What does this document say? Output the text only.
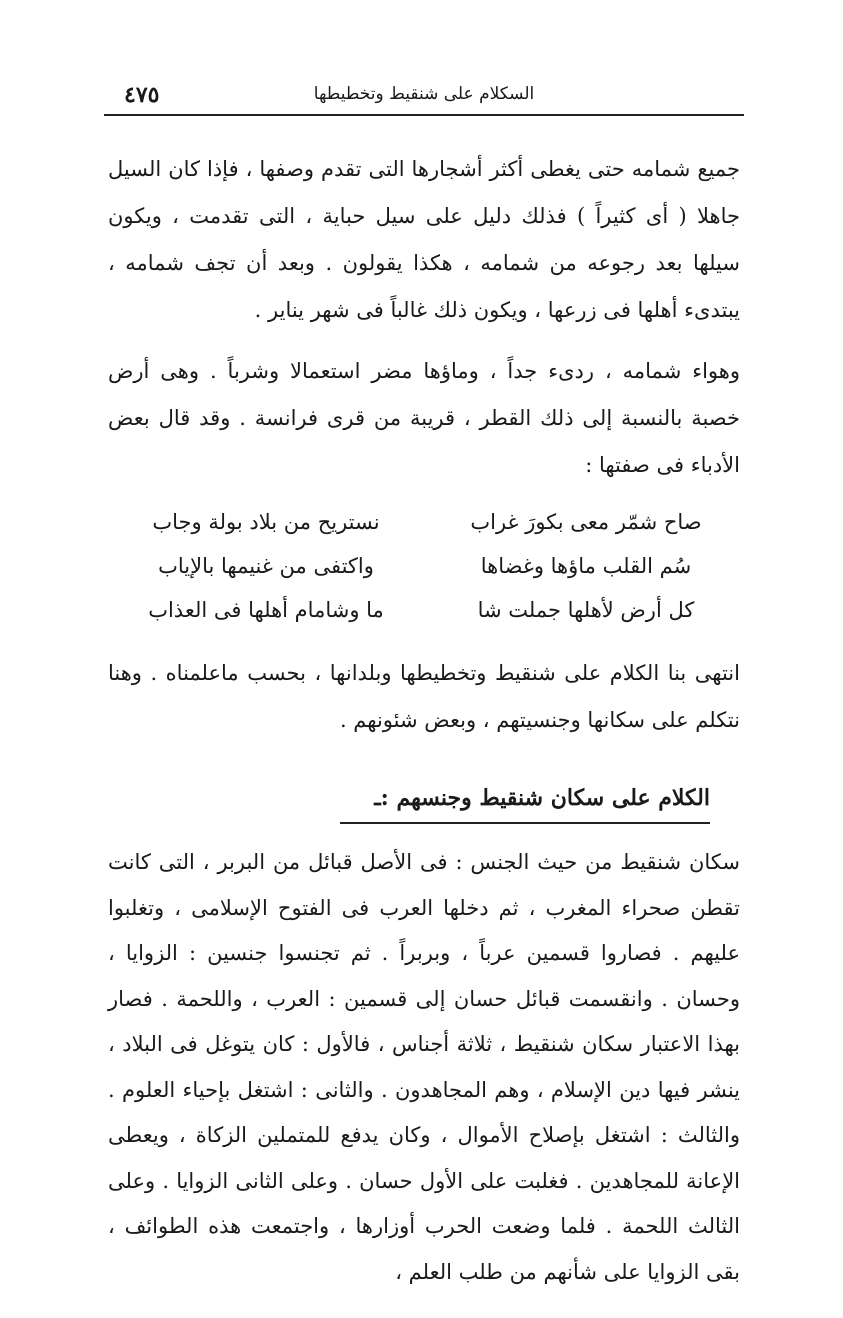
السكلام على شنقيط وتخطيطها
٤٧٥

جميع شمامه حتى يغطى أكثر أشجارها التى تقدم وصفها ، فإذا كان السيل جاهلا ( أى كثيراً ) فذلك دليل على سيل حباية ، التى تقدمت ، ويكون سيلها بعد رجوعه من شمامه ، هكذا يقولون . وبعد أن تجف شمامه ، يبتدىء أهلها فى زرعها ، ويكون ذلك غالباً فى شهر يناير .

وهواء شمامه ، ردىء جداً ، وماؤها مضر استعمالا وشرباً . وهى أرض خصبة بالنسبة إلى ذلك القطر ، قريبة من قرى فرانسة . وقد قال بعض الأدباء فى صفتها :

صاح شمّر معى بكورَ غراب
نستريح من بلاد بولة وجاب
سُم القلب ماؤها وغضاها
واكتفى من غنيمها بالإياب
كل أرض لأهلها جملت شا
ما وشامام أهلها فى العذاب

انتهى بنا الكلام على شنقيط وتخطيطها وبلدانها ، بحسب ماعلمناه . وهنا نتكلم على سكانها وجنسيتهم ، وبعض شئونهم .

الكلام على سكان شنقيط وجنسهم :ـ

سكان شنقيط من حيث الجنس : فى الأصل قبائل من البربر ، التى كانت تقطن صحراء المغرب ، ثم دخلها العرب فى الفتوح الإسلامى ، وتغلبوا عليهم . فصاروا قسمين عرباً ، وبربراً . ثم تجنسوا جنسين : الزوايا ، وحسان . وانقسمت قبائل حسان إلى قسمين : العرب ، واللحمة . فصار بهذا الاعتبار سكان شنقيط ، ثلاثة أجناس ، فالأول : كان يتوغل فى البلاد ، ينشر فيها دين الإسلام ، وهم المجاهدون . والثانى : اشتغل بإحياء العلوم . والثالث : اشتغل بإصلاح الأموال ، وكان يدفع للمتملين الزكاة ، ويعطى الإعانة للمجاهدين . فغلبت على الأول حسان . وعلى الثانى الزوايا . وعلى الثالث اللحمة . فلما وضعت الحرب أوزارها ، واجتمعت هذه الطوائف ، بقى الزوايا على شأنهم من طلب العلم ،
